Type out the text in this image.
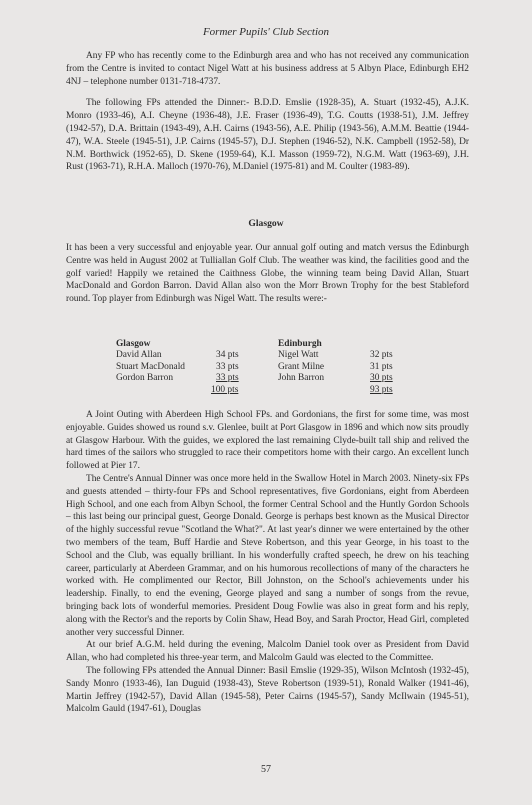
Former Pupils' Club Section

Any FP who has recently come to the Edinburgh area and who has not received any communication from the Centre is invited to contact Nigel Watt at his business address at 5 Albyn Place, Edinburgh EH2 4NJ – telephone number 0131-718-4737.

The following FPs attended the Dinner:- B.D.D. Emslie (1928-35), A. Stuart (1932-45), A.J.K. Monro (1933-46), A.I. Cheyne (1936-48), J.E. Fraser (1936-49), T.G. Coutts (1938-51), J.M. Jeffrey (1942-57), D.A. Brittain (1943-49), A.H. Cairns (1943-56), A.E. Philip (1943-56), A.M.M. Beattie (1944-47), W.A. Steele (1945-51), J.P. Cairns (1945-57), D.J. Stephen (1946-52), N.K. Campbell (1952-58), Dr N.M. Borthwick (1952-65), D. Skene (1959-64), K.I. Masson (1959-72), N.G.M. Watt (1963-69), J.H. Rust (1963-71), R.H.A. Malloch (1970-76), M.Daniel (1975-81) and M. Coulter (1983-89).

Glasgow

It has been a very successful and enjoyable year. Our annual golf outing and match versus the Edinburgh Centre was held in August 2002 at Tulliallan Golf Club. The weather was kind, the facilities good and the golf varied! Happily we retained the Caithness Globe, the winning team being David Allan, Stuart MacDonald and Gordon Barron. David Allan also won the Morr Brown Trophy for the best Stableford round. Top player from Edinburgh was Nigel Watt. The results were:-

Glasgow
David Allan	34 pts
Stuart MacDonald	33 pts
Gordon Barron	33 pts
100 pts
Edinburgh
Nigel Watt	32 pts
Grant Milne	31 pts
John Barron	30 pts
93 pts

A Joint Outing with Aberdeen High School FPs. and Gordonians, the first for some time, was most enjoyable. Guides showed us round s.v. Glenlee, built at Port Glasgow in 1896 and which now sits proudly at Glasgow Harbour. With the guides, we explored the last remaining Clyde-built tall ship and relived the hard times of the sailors who struggled to race their competitors home with their cargo. An excellent lunch followed at Pier 17.

The Centre's Annual Dinner was once more held in the Swallow Hotel in March 2003. Ninety-six FPs and guests attended – thirty-four FPs and School representatives, five Gordonians, eight from Aberdeen High School, and one each from Albyn School, the former Central School and the Huntly Gordon Schools – this last being our principal guest, George Donald. George is perhaps best known as the Musical Director of the highly successful revue "Scotland the What?". At last year's dinner we were entertained by the other two members of the team, Buff Hardie and Steve Robertson, and this year George, in his toast to the School and the Club, was equally brilliant. In his wonderfully crafted speech, he drew on his teaching career, particularly at Aberdeen Grammar, and on his humorous recollections of many of the characters he worked with. He complimented our Rector, Bill Johnston, on the School's achievements under his leadership. Finally, to end the evening, George played and sang a number of songs from the revue, bringing back lots of wonderful memories. President Doug Fowlie was also in great form and his reply, along with the Rector's and the reports by Colin Shaw, Head Boy, and Sarah Proctor, Head Girl, completed another very successful Dinner.

At our brief A.G.M. held during the evening, Malcolm Daniel took over as President from David Allan, who had completed his three-year term, and Malcolm Gauld was elected to the Committee.

The following FPs attended the Annual Dinner: Basil Emslie (1929-35), Wilson McIntosh (1932-45), Sandy Monro (1933-46), Ian Duguid (1938-43), Steve Robertson (1939-51), Ronald Walker (1941-46), Martin Jeffrey (1942-57), David Allan (1945-58), Peter Cairns (1945-57), Sandy McIlwain (1945-51), Malcolm Gauld (1947-61), Douglas

57
